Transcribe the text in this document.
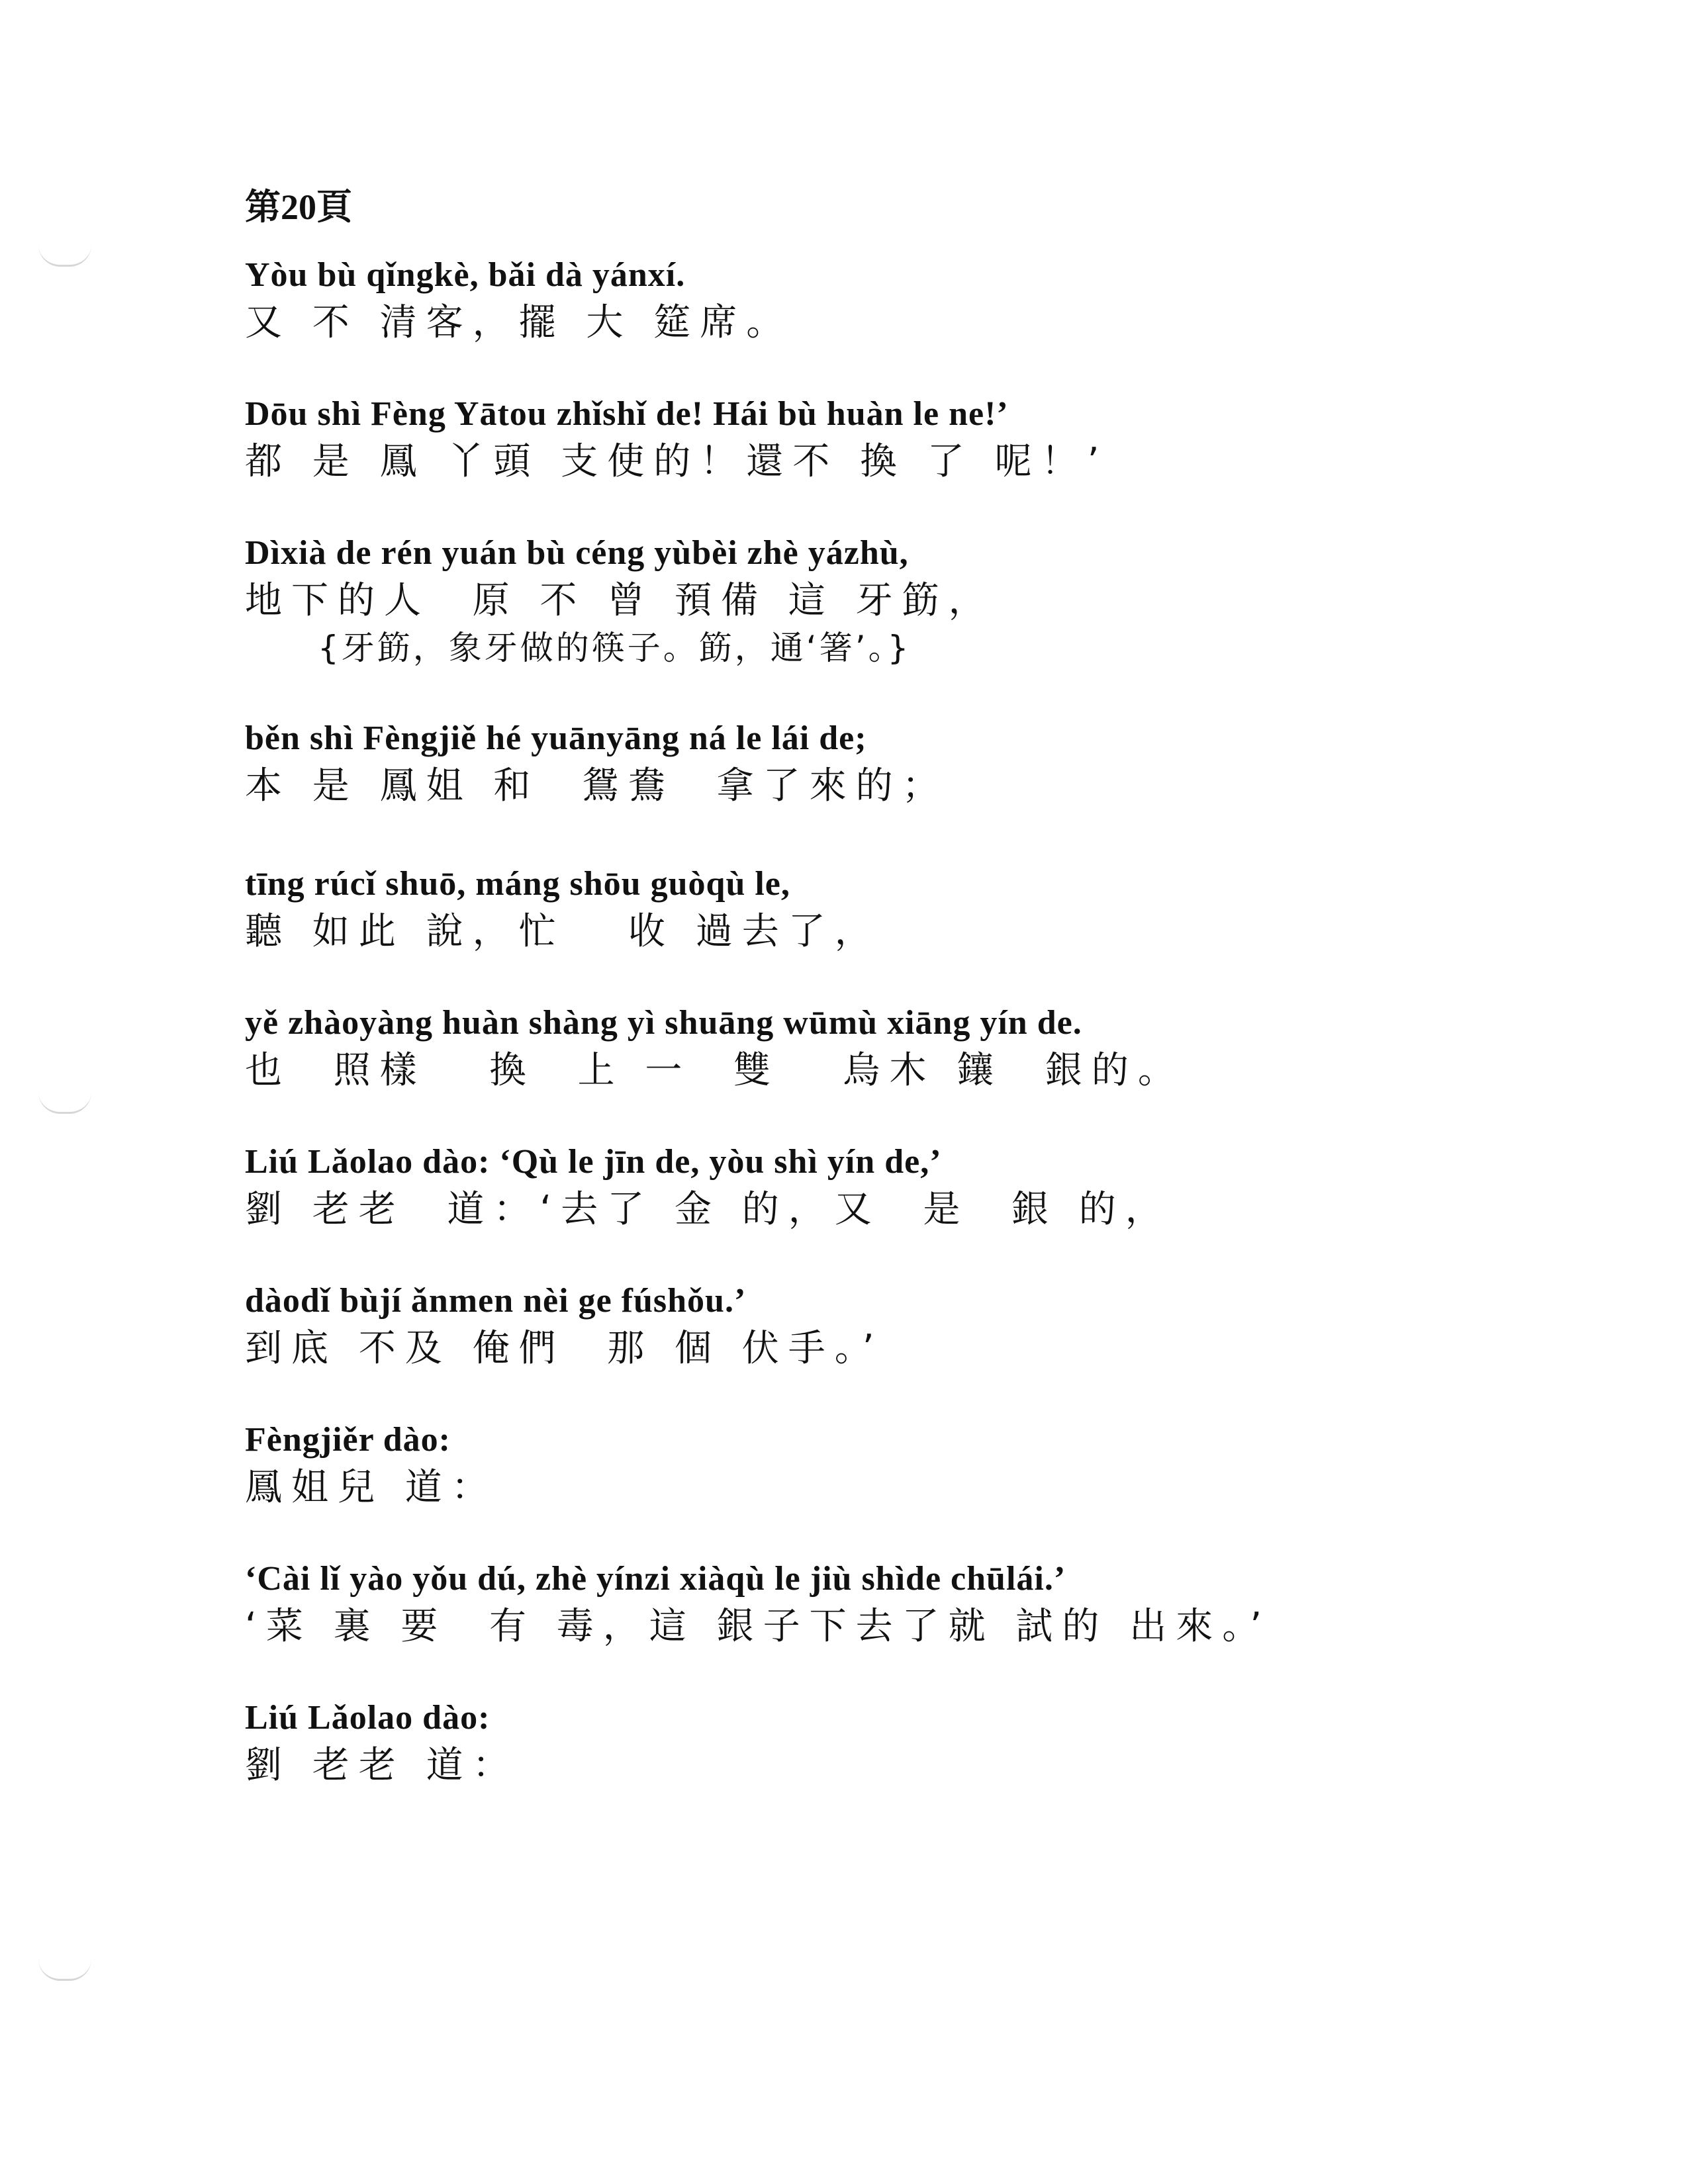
第20頁
Yòu bù qǐngkè, bǎi dà yánxí.
又 不 清客，擺 大 筵席。
Dōu shì Fèng Yātou zhǐshǐ de! Hái bù huàn le ne!’
都 是 鳳 丫頭 支使的！還不 換 了 呢！’
Dìxià de rén yuán bù céng yùbèi zhè yázhù,
地下的人  原 不 曾 預備 這 牙筯，
{牙筯，象牙做的筷子。筯，通‘箸’。}
běn shì Fèngjiě hé yuānyāng ná le lái de;
本 是 鳳姐 和  鴛鴦  拿了來的；
tīng rúcǐ shuō, máng shōu guòqù le,
聽 如此 說，忙   收 過去了，
yě zhàoyàng huàn shàng yì shuāng wūmù xiāng yín de.
也  照樣   換  上 一  雙   烏木 鑲  銀的。
Liú Lǎolao dào: ‘Qù le jīn de, yòu shì yín de,’
劉 老老  道：‘去了 金 的，又  是  銀 的，
dàodǐ bùjí ǎnmen nèi ge fúshǒu.’
到底 不及 俺們  那 個 伏手。’
Fèngjiěr dào:
鳳姐兒 道：
‘Cài lǐ yào yǒu dú, zhè yínzi xiàqù le jiù shìde chūlái.’
‘菜 裏 要  有 毒，這 銀子下去了就 試的 出來。’
Liú Lǎolao dào:
劉 老老 道：
